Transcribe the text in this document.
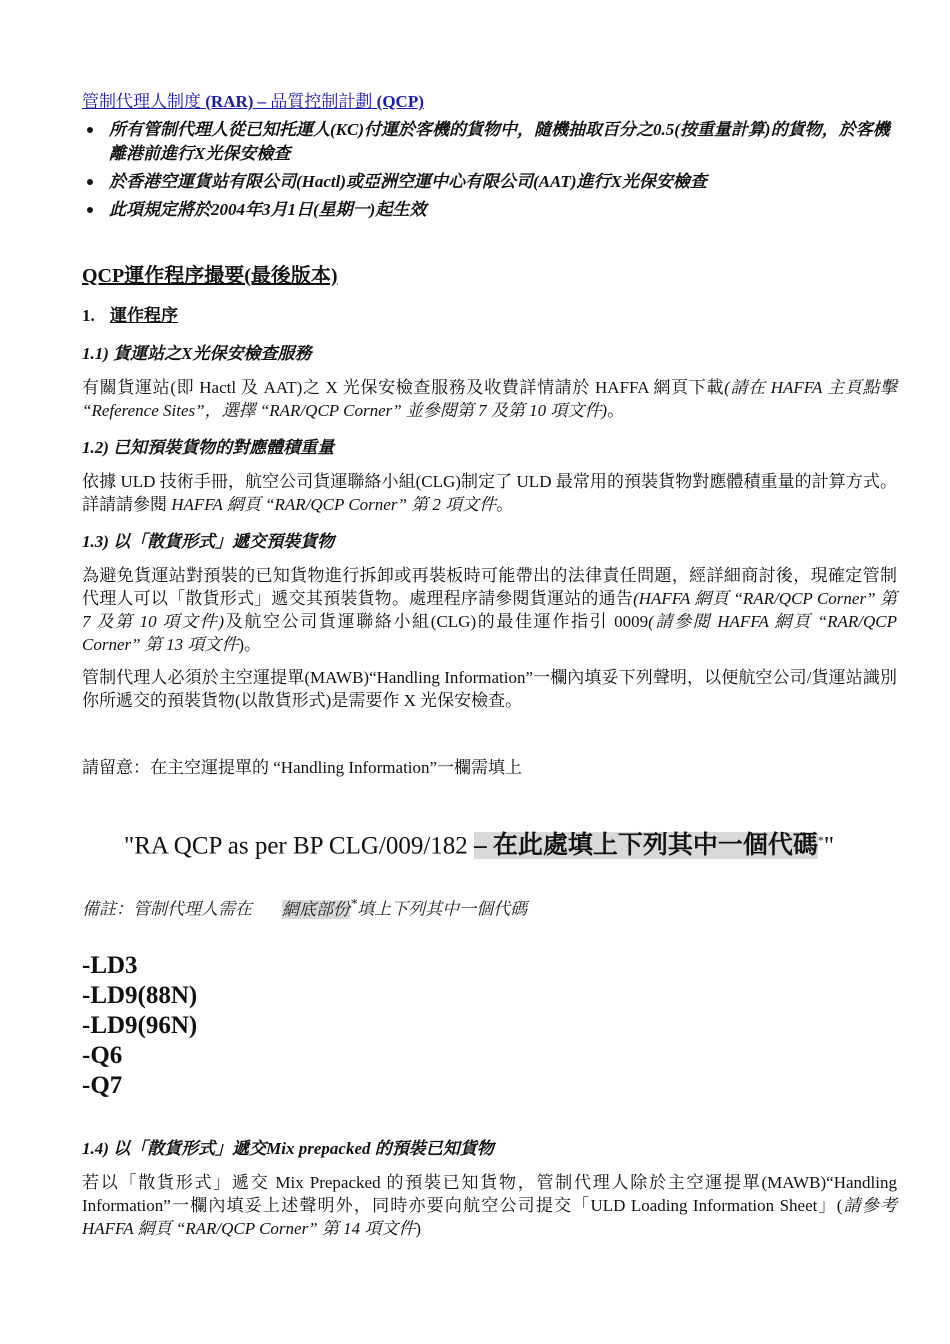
管制代理人制度 (RAR) – 品質控制計劃 (QCP)
所有管制代理人從已知托運人(KC)付運於客機的貨物中，隨機抽取百分之0.5(按重量計算)的貨物，於客機離港前進行X光保安檢查
於香港空運貨站有限公司(Hactl)或亞洲空運中心有限公司(AAT)進行X光保安檢查
此項規定將於2004年3月1日(星期一)起生效
QCP運作程序撮要(最後版本)
1. 運作程序
1.1) 貨運站之X光保安檢查服務

有關貨運站(即 Hactl 及 AAT)之 X 光保安檢查服務及收費詳情請於 HAFFA 網頁下載(請在 HAFFA 主頁點擊 “Reference Sites”，選擇 “RAR/QCP Corner” 並參閱第 7 及第 10 項文件)。

1.2) 已知預裝貨物的對應體積重量

依據 ULD 技術手冊，航空公司貨運聯絡小組(CLG)制定了 ULD 最常用的預裝貨物對應體積重量的計算方式。詳請請參閱 HAFFA 網頁 “RAR/QCP Corner” 第 2 項文件。

1.3) 以「散貨形式」遞交預裝貨物

為避免貨運站對預裝的已知貨物進行拆卸或再裝板時可能帶出的法律責任問題，經詳細商討後，現確定管制代理人可以「散貨形式」遞交其預裝貨物。處理程序請參閱貨運站的通告(HAFFA 網頁 “RAR/QCP Corner” 第 7 及第 10 項文件)及航空公司貨運聯絡小組(CLG)的最佳運作指引 0009(請參閱 HAFFA 網頁 “RAR/QCP Corner” 第 13 項文件)。

管制代理人必須於主空運提單(MAWB)“Handling Information”一欄內填妥下列聲明，以便航空公司/貨運站識別你所遞交的預裝貨物(以散貨形式)是需要作 X 光保安檢查。

請留意：在主空運提單的 “Handling Information”一欄需填上

"RA QCP as per BP CLG/009/182 – 在此處填上下列其中一個代碼*"

備註：管制代理人需在 網底部份*填上下列其中一個代碼

-LD3
-LD9(88N)
-LD9(96N)
-Q6
-Q7
1.4) 以「散貨形式」遞交Mix prepacked 的預裝已知貨物

若以「散貨形式」遞交 Mix Prepacked 的預裝已知貨物，管制代理人除於主空運提單(MAWB)“Handling Information”一欄內填妥上述聲明外，同時亦要向航空公司提交「ULD Loading Information Sheet」(請參考 HAFFA 網頁 “RAR/QCP Corner” 第 14 項文件)
